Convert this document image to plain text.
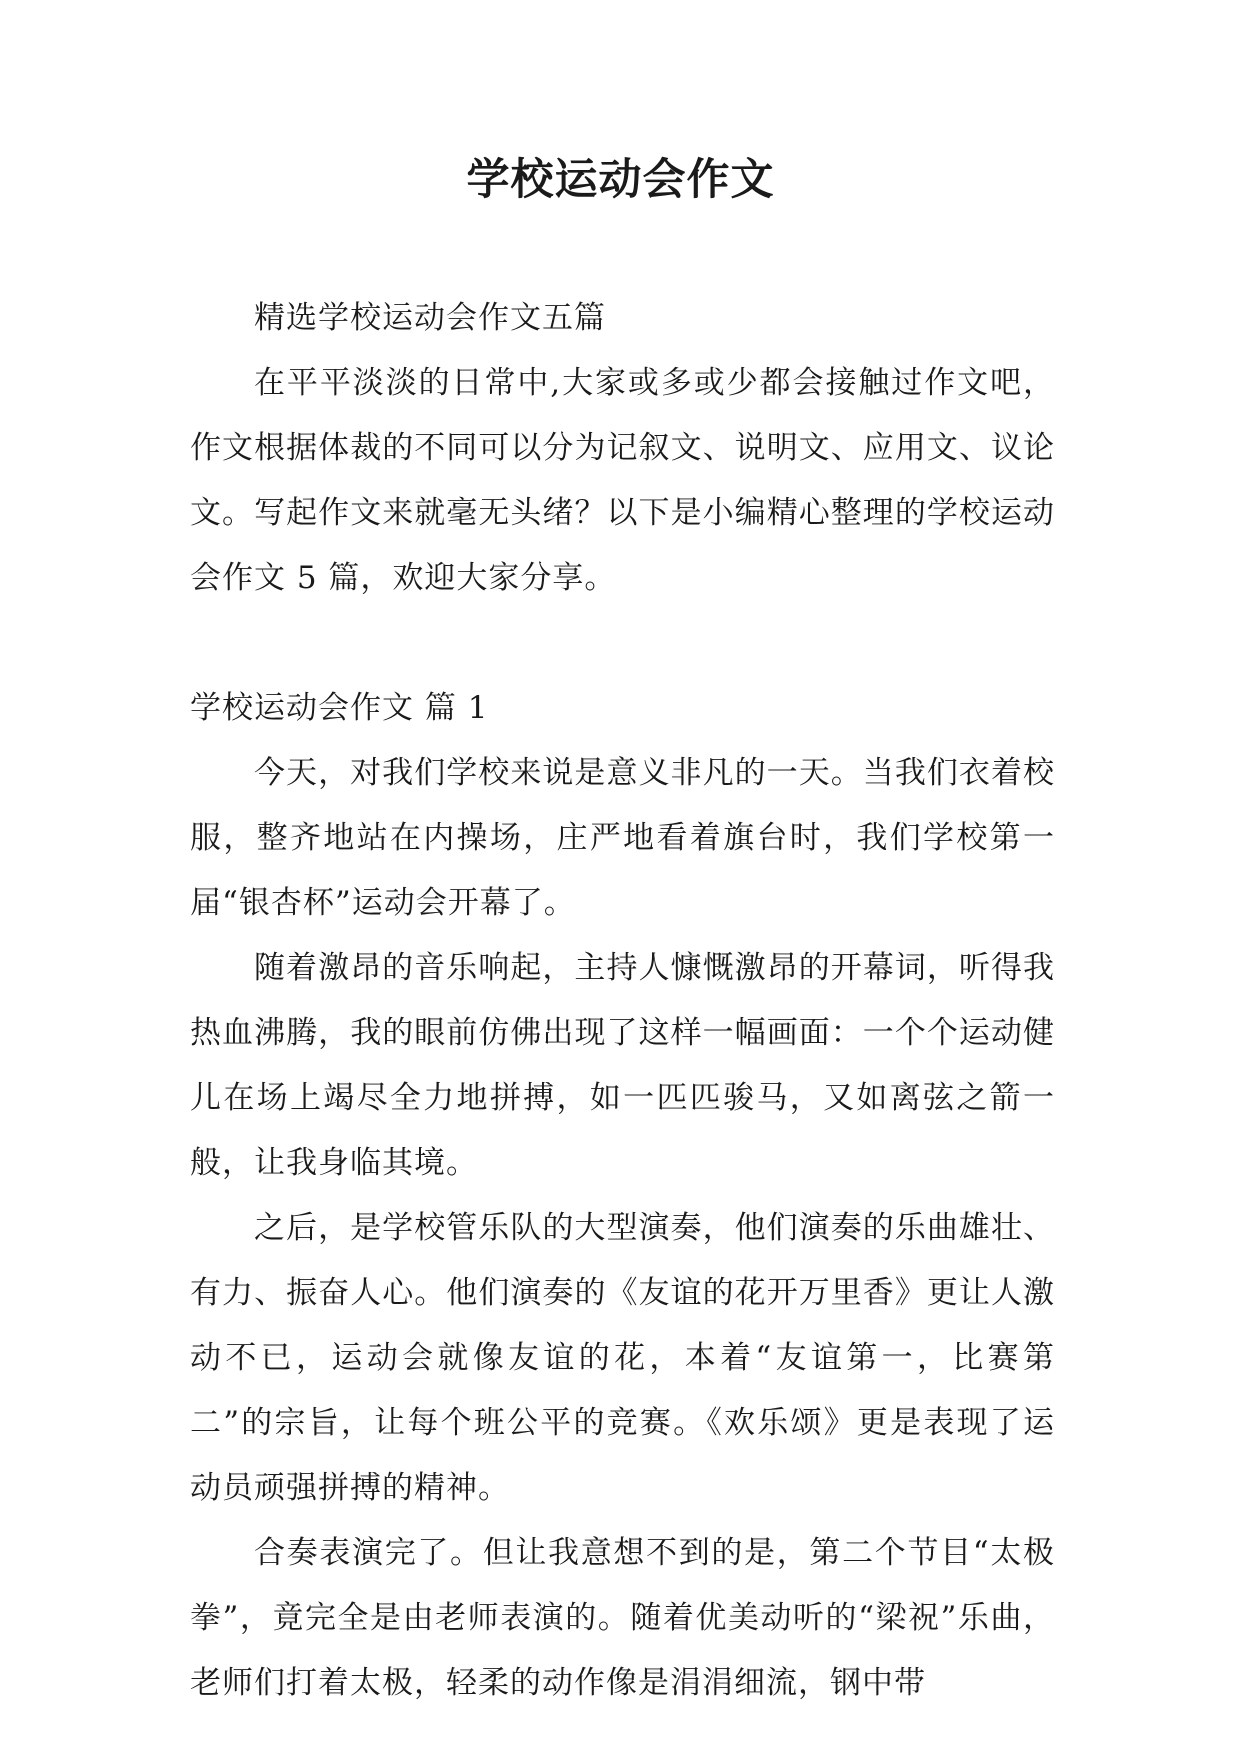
学校运动会作文

精选学校运动会作文五篇

在平平淡淡的日常中,大家或多或少都会接触过作文吧，作文根据体裁的不同可以分为记叙文、说明文、应用文、议论文。写起作文来就毫无头绪？以下是小编精心整理的学校运动会作文 5 篇，欢迎大家分享。

学校运动会作文 篇 1

今天，对我们学校来说是意义非凡的一天。当我们衣着校服，整齐地站在内操场，庄严地看着旗台时，我们学校第一届“银杏杯”运动会开幕了。

随着激昂的音乐响起，主持人慷慨激昂的开幕词，听得我热血沸腾，我的眼前仿佛出现了这样一幅画面：一个个运动健儿在场上竭尽全力地拼搏，如一匹匹骏马，又如离弦之箭一般，让我身临其境。

之后，是学校管乐队的大型演奏，他们演奏的乐曲雄壮、有力、振奋人心。他们演奏的《友谊的花开万里香》更让人激动不已，运动会就像友谊的花，本着“友谊第一，比赛第二”的宗旨，让每个班公平的竞赛。《欢乐颂》更是表现了运动员顽强拼搏的精神。

合奏表演完了。但让我意想不到的是，第二个节目“太极拳”，竟完全是由老师表演的。随着优美动听的“梁祝”乐曲，老师们打着太极，轻柔的动作像是涓涓细流，钢中带
